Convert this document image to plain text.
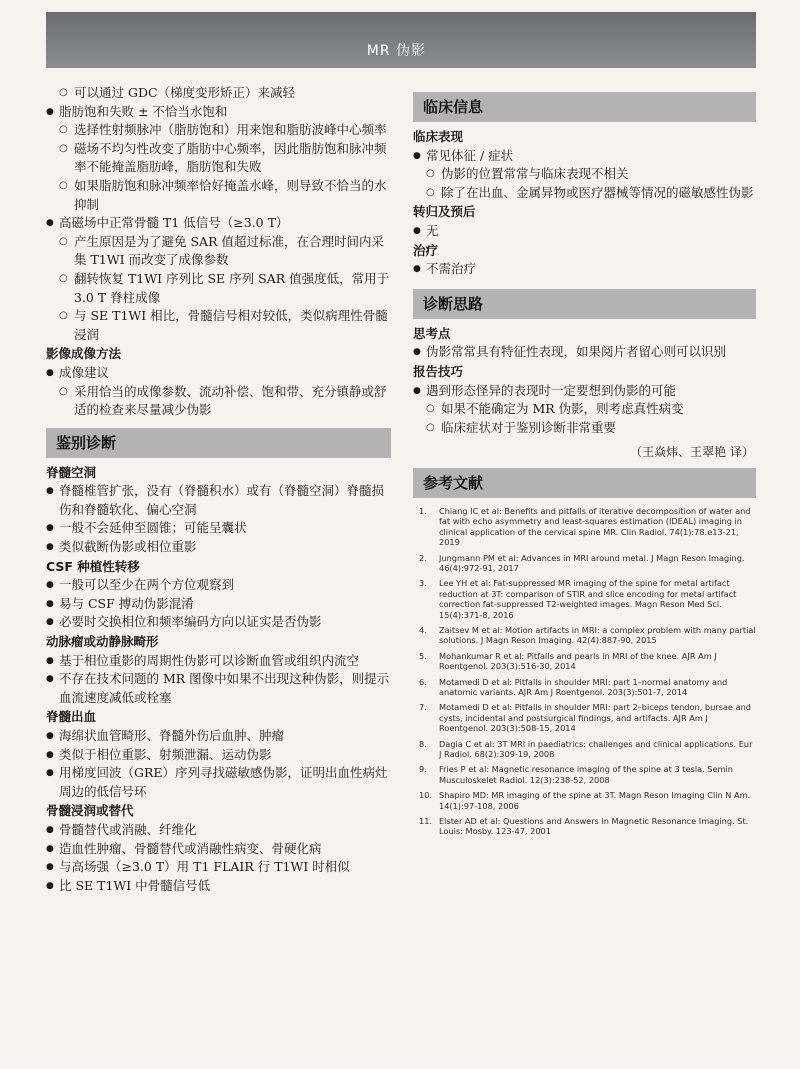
MR 伪影
○ 可以通过 GDC（梯度变形矫正）来减轻
● 脂肪饱和失败 ± 不恰当水饱和
○ 选择性射频脉冲（脂肪饱和）用来饱和脂肪波峰中心频率
○ 磁场不均匀性改变了脂肪中心频率，因此脂肪饱和脉冲频率不能掩盖脂肪峰，脂肪饱和失败
○ 如果脂肪饱和脉冲频率恰好掩盖水峰，则导致不恰当的水抑制
● 高磁场中正常骨髓 T1 低信号（≥3.0 T）
○ 产生原因是为了避免 SAR 值超过标准，在合理时间内采集 T1WI 而改变了成像参数
○ 翻转恢复 T1WI 序列比 SE 序列 SAR 值强度低，常用于 3.0 T 脊柱成像
○ 与 SE T1WI 相比，骨髓信号相对较低，类似病理性骨髓浸润
影像成像方法
● 成像建议
○ 采用恰当的成像参数、流动补偿、饱和带、充分镇静或舒适的检查来尽量减少伪影
鉴别诊断
脊髓空洞
● 脊髓椎管扩张，没有（脊髓积水）或有（脊髓空洞）脊髓损伤和脊髓软化、偏心空洞
● 一般不会延伸至圆锥；可能呈囊状
● 类似截断伪影或相位重影
CSF 种植性转移
● 一般可以至少在两个方位观察到
● 易与 CSF 搏动伪影混淆
● 必要时交换相位和频率编码方向以证实是否伪影
动脉瘤或动静脉畸形
● 基于相位重影的周期性伪影可以诊断血管或组织内流空
● 不存在技术问题的 MR 图像中如果不出现这种伪影，则提示血流速度减低或栓塞
脊髓出血
● 海绵状血管畸形、脊髓外伤后血肿、肿瘤
● 类似于相位重影、射频泄漏、运动伪影
● 用梯度回波（GRE）序列寻找磁敏感伪影，证明出血性病灶周边的低信号环
骨髓浸润或替代
● 骨髓替代或消融、纤维化
● 造血性肿瘤、骨髓替代或消融性病变、骨硬化病
● 与高场强（≥3.0 T）用 T1 FLAIR 行 T1WI 时相似
● 比 SE T1WI 中骨髓信号低
临床信息
临床表现
● 常见体征 / 症状
○ 伪影的位置常常与临床表现不相关
○ 除了在出血、金属异物或医疗器械等情况的磁敏感性伪影
转归及预后
● 无
治疗
● 不需治疗
诊断思路
思考点
● 伪影常常具有特征性表现，如果阅片者留心则可以识别
报告技巧
● 遇到形态怪异的表现时一定要想到伪影的可能
○ 如果不能确定为 MR 伪影，则考虑真性病变
○ 临床症状对于鉴别诊断非常重要
（王焱炜、王翠艳 译）
参考文献
1. Chiang IC et al: Benefits and pitfalls of iterative decomposition of water and fat with echo asymmetry and least-squares estimation (IDEAL) imaging in clinical application of the cervical spine MR. Clin Radiol. 74(1):78.e13-21, 2019
2. Jungmann PM et al: Advances in MRI around metal. J Magn Reson Imaging. 46(4):972-91, 2017
3. Lee YH et al: Fat-suppressed MR imaging of the spine for metal artifact reduction at 3T: comparison of STIR and slice encoding for metal artifact correction fat-suppressed T2-weighted images. Magn Reson Med Sci. 15(4):371-8, 2016
4. Zaitsev M et al: Motion artifacts in MRI: a complex problem with many partial solutions. J Magn Reson Imaging. 42(4):887-90, 2015
5. Mohankumar R et al: Pitfalls and pearls in MRI of the knee. AJR Am J Roentgenol. 203(3):516-30, 2014
6. Motamedi D et al: Pitfalls in shoulder MRI: part 1–normal anatomy and anatomic variants. AJR Am J Roentgenol. 203(3):501-7, 2014
7. Motamedi D et al: Pitfalls in shoulder MRI: part 2–biceps tendon, bursae and cysts, incidental and postsurgical findings, and artifacts. AJR Am J Roentgenol. 203(3):508-15, 2014
8. Dagia C et al: 3T MRI in paediatrics: challenges and clinical applications. Eur J Radiol. 68(2):309-19, 2008
9. Fries P et al: Magnetic resonance imaging of the spine at 3 tesla. Semin Musculoskelet Radiol. 12(3):238-52, 2008
10. Shapiro MD: MR imaging of the spine at 3T. Magn Reson Imaging Clin N Am. 14(1):97-108, 2006
11. Elster AD et al: Questions and Answers in Magnetic Resonance Imaging. St. Louis: Mosby. 123-47, 2001
